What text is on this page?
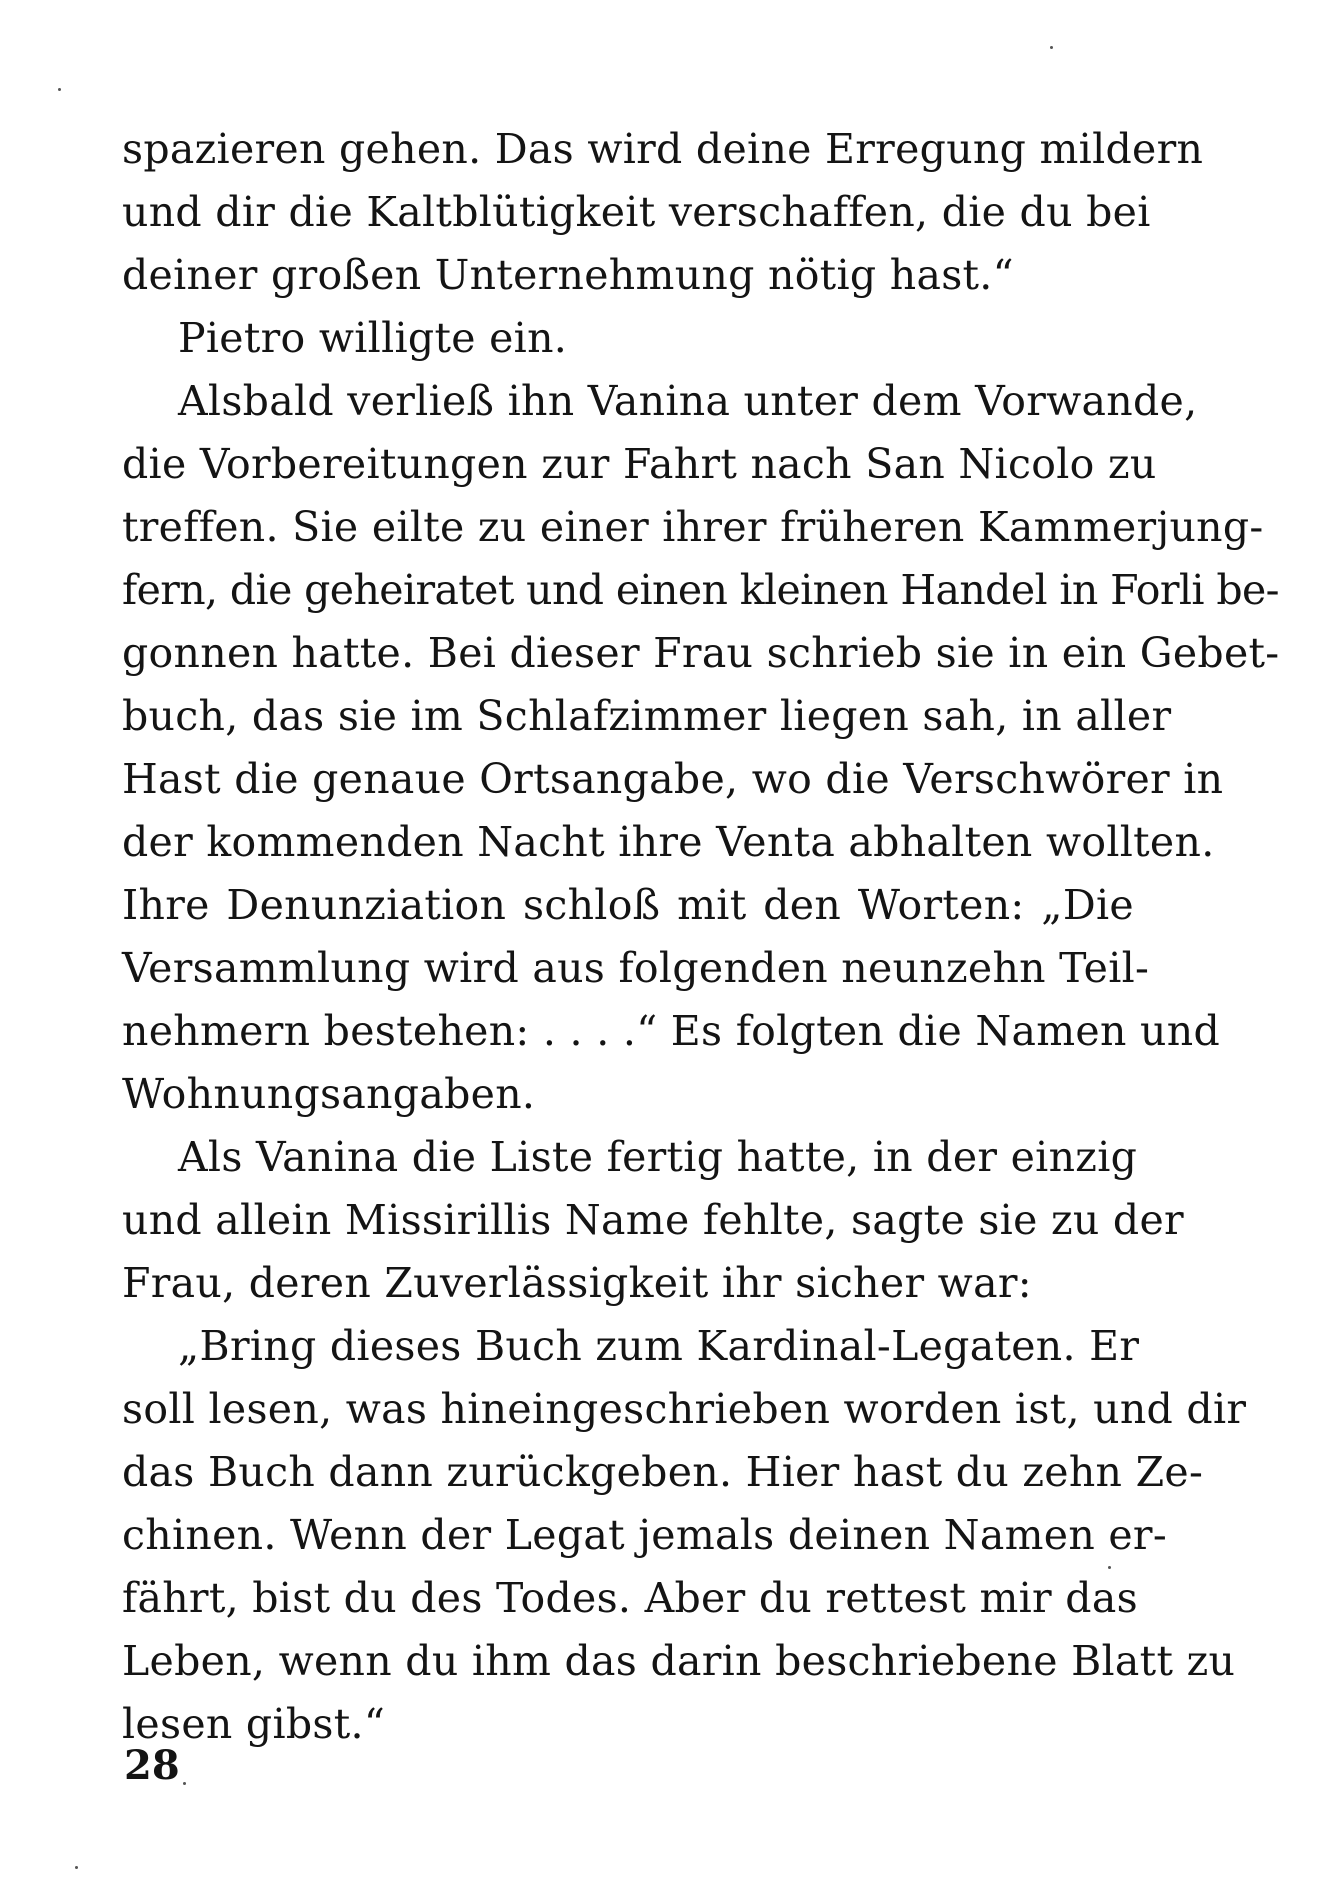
spazieren gehen. Das wird deine Erregung mildern
und dir die Kaltblütigkeit verschaffen, die du bei
deiner großen Unternehmung nötig hast.“
Pietro willigte ein.
Alsbald verließ ihn Vanina unter dem Vorwande,
die Vorbereitungen zur Fahrt nach San Nicolo zu
treffen. Sie eilte zu einer ihrer früheren Kammerjung-
fern, die geheiratet und einen kleinen Handel in Forli be-
gonnen hatte. Bei dieser Frau schrieb sie in ein Gebet-
buch, das sie im Schlafzimmer liegen sah, in aller
Hast die genaue Ortsangabe, wo die Verschwörer in
der kommenden Nacht ihre Venta abhalten wollten.
Ihre Denunziation schloß mit den Worten: „Die
Versammlung wird aus folgenden neunzehn Teil-
nehmern bestehen: . . . .“ Es folgten die Namen und
Wohnungsangaben.
Als Vanina die Liste fertig hatte, in der einzig
und allein Missirillis Name fehlte, sagte sie zu der
Frau, deren Zuverlässigkeit ihr sicher war:
„Bring dieses Buch zum Kardinal-Legaten. Er
soll lesen, was hineingeschrieben worden ist, und dir
das Buch dann zurückgeben. Hier hast du zehn Ze-
chinen. Wenn der Legat jemals deinen Namen er-
fährt, bist du des Todes. Aber du rettest mir das
Leben, wenn du ihm das darin beschriebene Blatt zu
lesen gibst.“
28
